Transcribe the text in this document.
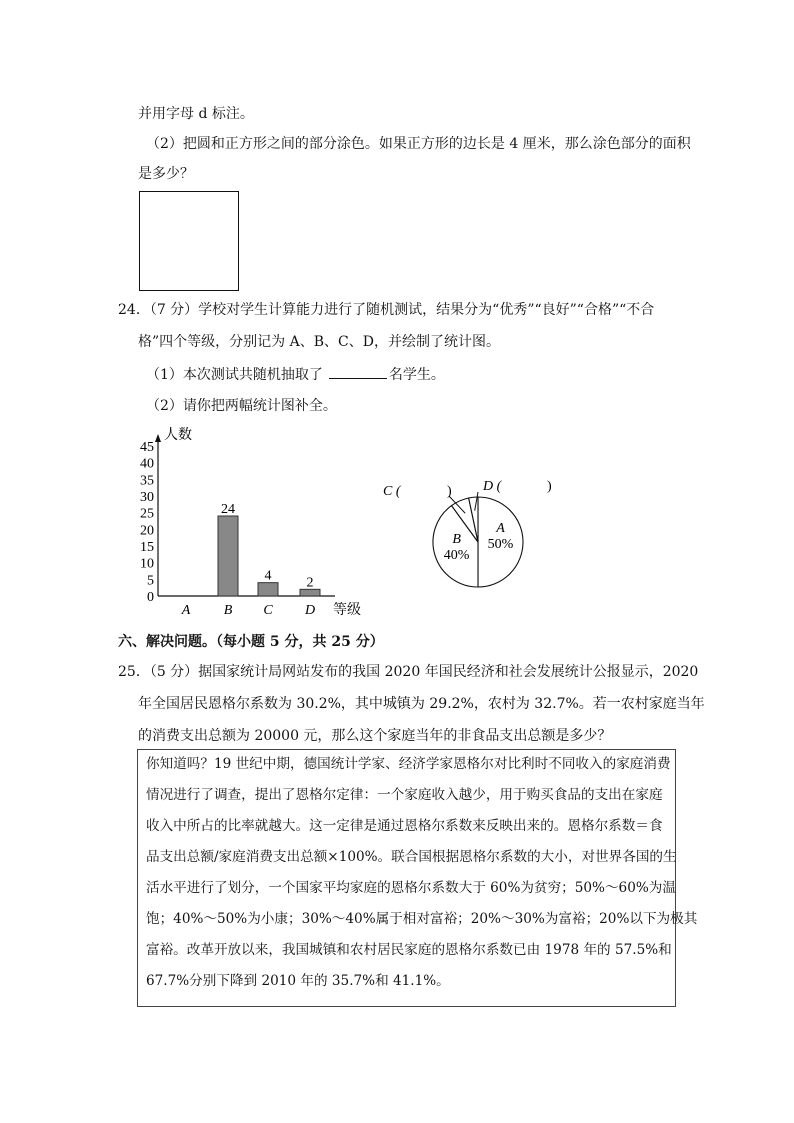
并用字母 d 标注。
（2）把圆和正方形之间的部分涂色。如果正方形的边长是 4 厘米，那么涂色部分的面积
是多少？
24．（7 分）学校对学生计算能力进行了随机测试，结果分为“优秀”“良好”“合格”“不合
格”四个等级，分别记为 A、B、C、D，并绘制了统计图。
（1）本次测试共随机抽取了	名学生。
（2）请你把两幅统计图补全。
人数
等级
0
5
10
15
20
25
30
35
40
45
A B C D
24
4	2
A
50%
B
40%
C (	) D (	)
六、解决问题。（每小题 5 分，共 25 分）
25．（5 分）据国家统计局网站发布的我国 2020 年国民经济和社会发展统计公报显示，2020
年全国居民恩格尔系数为 30.2%，其中城镇为 29.2%，农村为 32.7%。若一农村家庭当年
的消费支出总额为 20000 元，那么这个家庭当年的非食品支出总额是多少？
你知道吗？19 世纪中期，德国统计学家、经济学家恩格尔对比利时不同收入的家庭消费
情况进行了调查，提出了恩格尔定律：一个家庭收入越少，用于购买食品的支出在家庭
收入中所占的比率就越大。这一定律是通过恩格尔系数来反映出来的。恩格尔系数＝食
品支出总额/家庭消费支出总额×100%。联合国根据恩格尔系数的大小，对世界各国的生
活水平进行了划分，一个国家平均家庭的恩格尔系数大于 60%为贫穷；50%～60%为温
饱；40%～50%为小康；30%～40%属于相对富裕；20%～30%为富裕；20%以下为极其
富裕。改革开放以来，我国城镇和农村居民家庭的恩格尔系数已由 1978 年的 57.5%和
67.7%分别下降到 2010 年的 35.7%和 41.1%。
